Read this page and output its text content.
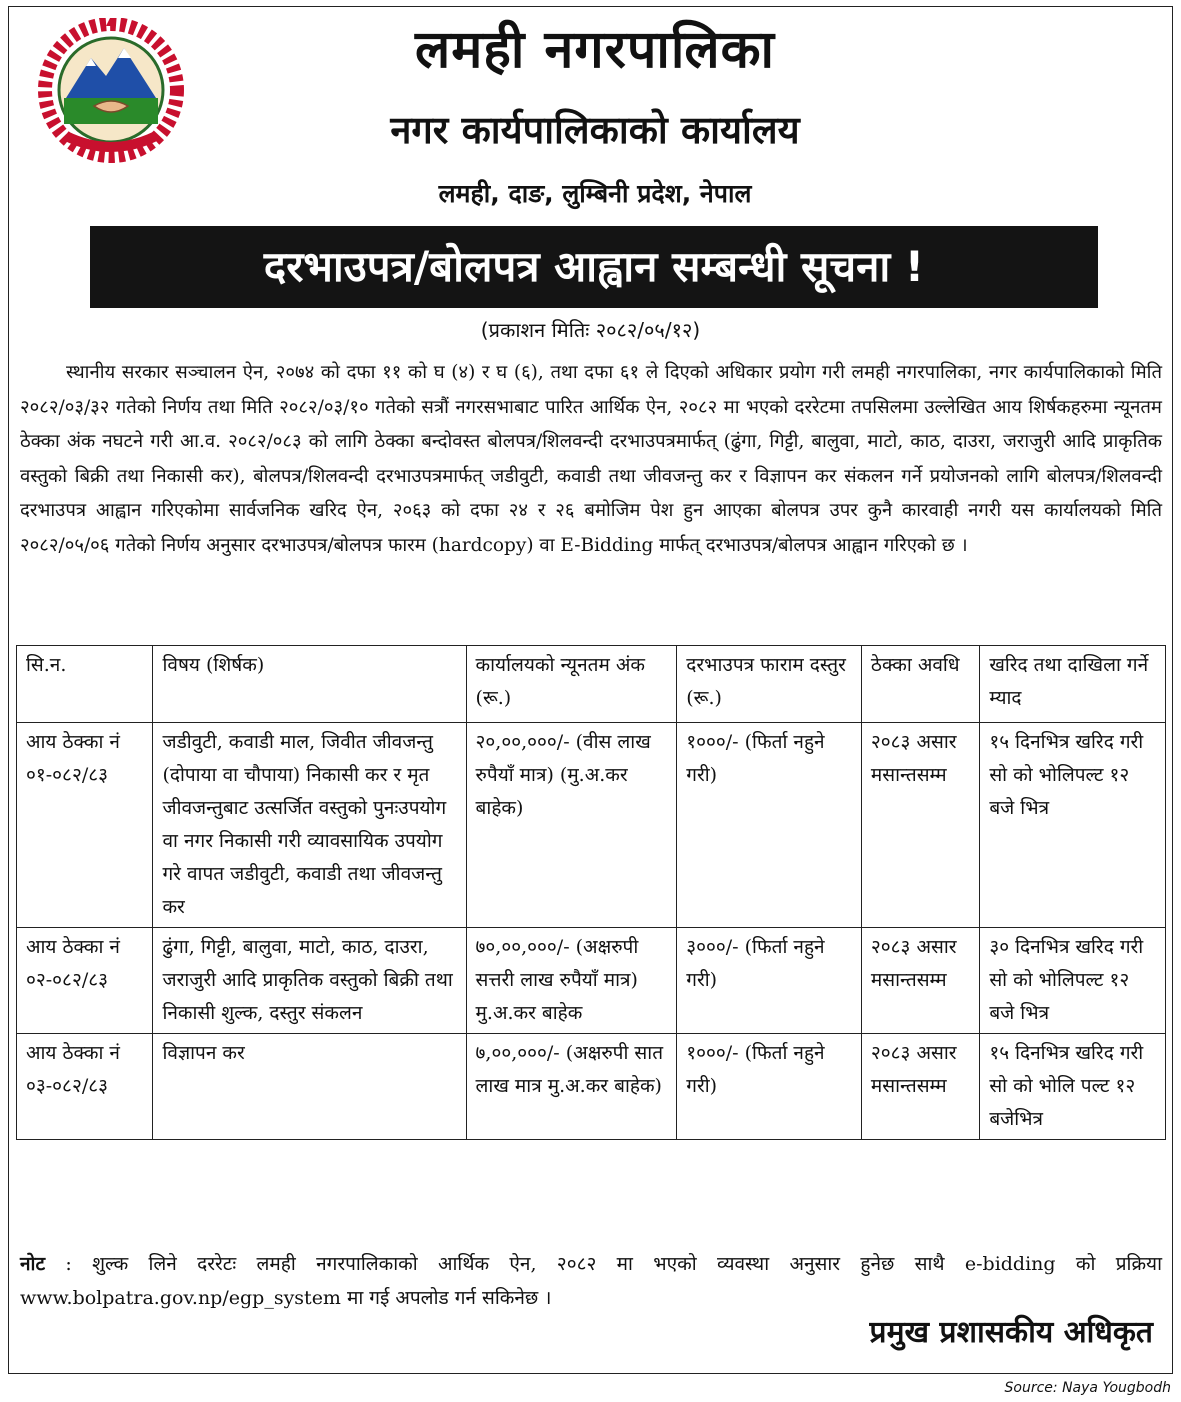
लमही नगरपालिका
नगर कार्यपालिकाको कार्यालय
लमही, दाङ, लुम्बिनी प्रदेश, नेपाल
दरभाउपत्र/बोलपत्र आह्वान सम्बन्धी सूचना !
(प्रकाशन मितिः २०८२/०५/१२)
स्थानीय सरकार सञ्चालन ऐन, २०७४ को दफा ११ को घ (४) र घ (६), तथा दफा ६१ ले दिएको अधिकार प्रयोग गरी लमही नगरपालिका, नगर कार्यपालिकाको मिति २०८२/०३/३२ गतेको निर्णय तथा मिति २०८२/०३/१० गतेको सत्रौं नगरसभाबाट पारित आर्थिक ऐन, २०८२ मा भएको दररेटमा तपसिलमा उल्लेखित आय शिर्षकहरुमा न्यूनतम ठेक्का अंक नघटने गरी आ.व. २०८२/०८३ को लागि ठेक्का बन्दोवस्त बोलपत्र/शिलवन्दी दरभाउपत्रमार्फत् (ढुंगा, गिट्टी, बालुवा, माटो, काठ, दाउरा, जराजुरी आदि प्राकृतिक वस्तुको बिक्री तथा निकासी कर), बोलपत्र/शिलवन्दी दरभाउपत्रमार्फत् जडीवुटी, कवाडी तथा जीवजन्तु कर र विज्ञापन कर संकलन गर्ने प्रयोजनको लागि बोलपत्र/शिलवन्दी दरभाउपत्र आह्वान गरिएकोमा सार्वजनिक खरिद ऐन, २०६३ को दफा २४ र २६ बमोजिम पेश हुन आएका बोलपत्र उपर कुनै कारवाही नगरी यस कार्यालयको मिति २०८२/०५/०६ गतेको निर्णय अनुसार दरभाउपत्र/बोलपत्र फारम (hardcopy) वा E-Bidding मार्फत् दरभाउपत्र/बोलपत्र आह्वान गरिएको छ ।
सि.न.	विषय (शिर्षक)	कार्यालयको न्यूनतम अंक (रू.)	दरभाउपत्र फाराम दस्तुर (रू.)	ठेक्का अवधि	खरिद तथा दाखिला गर्ने म्याद
आय ठेक्का नं ०१-०८२/८३	जडीवुटी, कवाडी माल, जिवीत जीवजन्तु (दोपाया वा चौपाया) निकासी कर र मृत जीवजन्तुबाट उत्सर्जित वस्तुको पुनःउपयोग वा नगर निकासी गरी व्यावसायिक उपयोग गरे वापत जडीवुटी, कवाडी तथा जीवजन्तु कर	२०,००,०००/- (वीस लाख रुपैयाँ मात्र) (मु.अ.कर बाहेक)	१०००/- (फिर्ता नहुने गरी)	२०८३ असार मसान्तसम्म	१५ दिनभित्र खरिद गरी सो को भोलिपल्ट १२ बजे भित्र
आय ठेक्का नं ०२-०८२/८३	ढुंगा, गिट्टी, बालुवा, माटो, काठ, दाउरा, जराजुरी आदि प्राकृतिक वस्तुको बिक्री तथा निकासी शुल्क, दस्तुर संकलन	७०,००,०००/- (अक्षरुपी सत्तरी लाख रुपैयाँ मात्र) मु.अ.कर बाहेक	३०००/- (फिर्ता नहुने गरी)	२०८३ असार मसान्तसम्म	३० दिनभित्र खरिद गरी सो को भोलिपल्ट १२ बजे भित्र
आय ठेक्का नं ०३-०८२/८३	विज्ञापन कर	७,००,०००/- (अक्षरुपी सात लाख मात्र मु.अ.कर बाहेक)	१०००/- (फिर्ता नहुने गरी)	२०८३ असार मसान्तसम्म	१५ दिनभित्र खरिद गरी सो को भोलि पल्ट १२ बजेभित्र
नोट : शुल्क लिने दररेटः लमही नगरपालिकाको आर्थिक ऐन, २०८२ मा भएको व्यवस्था अनुसार हुनेछ साथै e-bidding को प्रक्रिया www.bolpatra.gov.np/egp_system मा गई अपलोड गर्न सकिनेछ ।
प्रमुख प्रशासकीय अधिकृत
Source: Naya Yougbodh
